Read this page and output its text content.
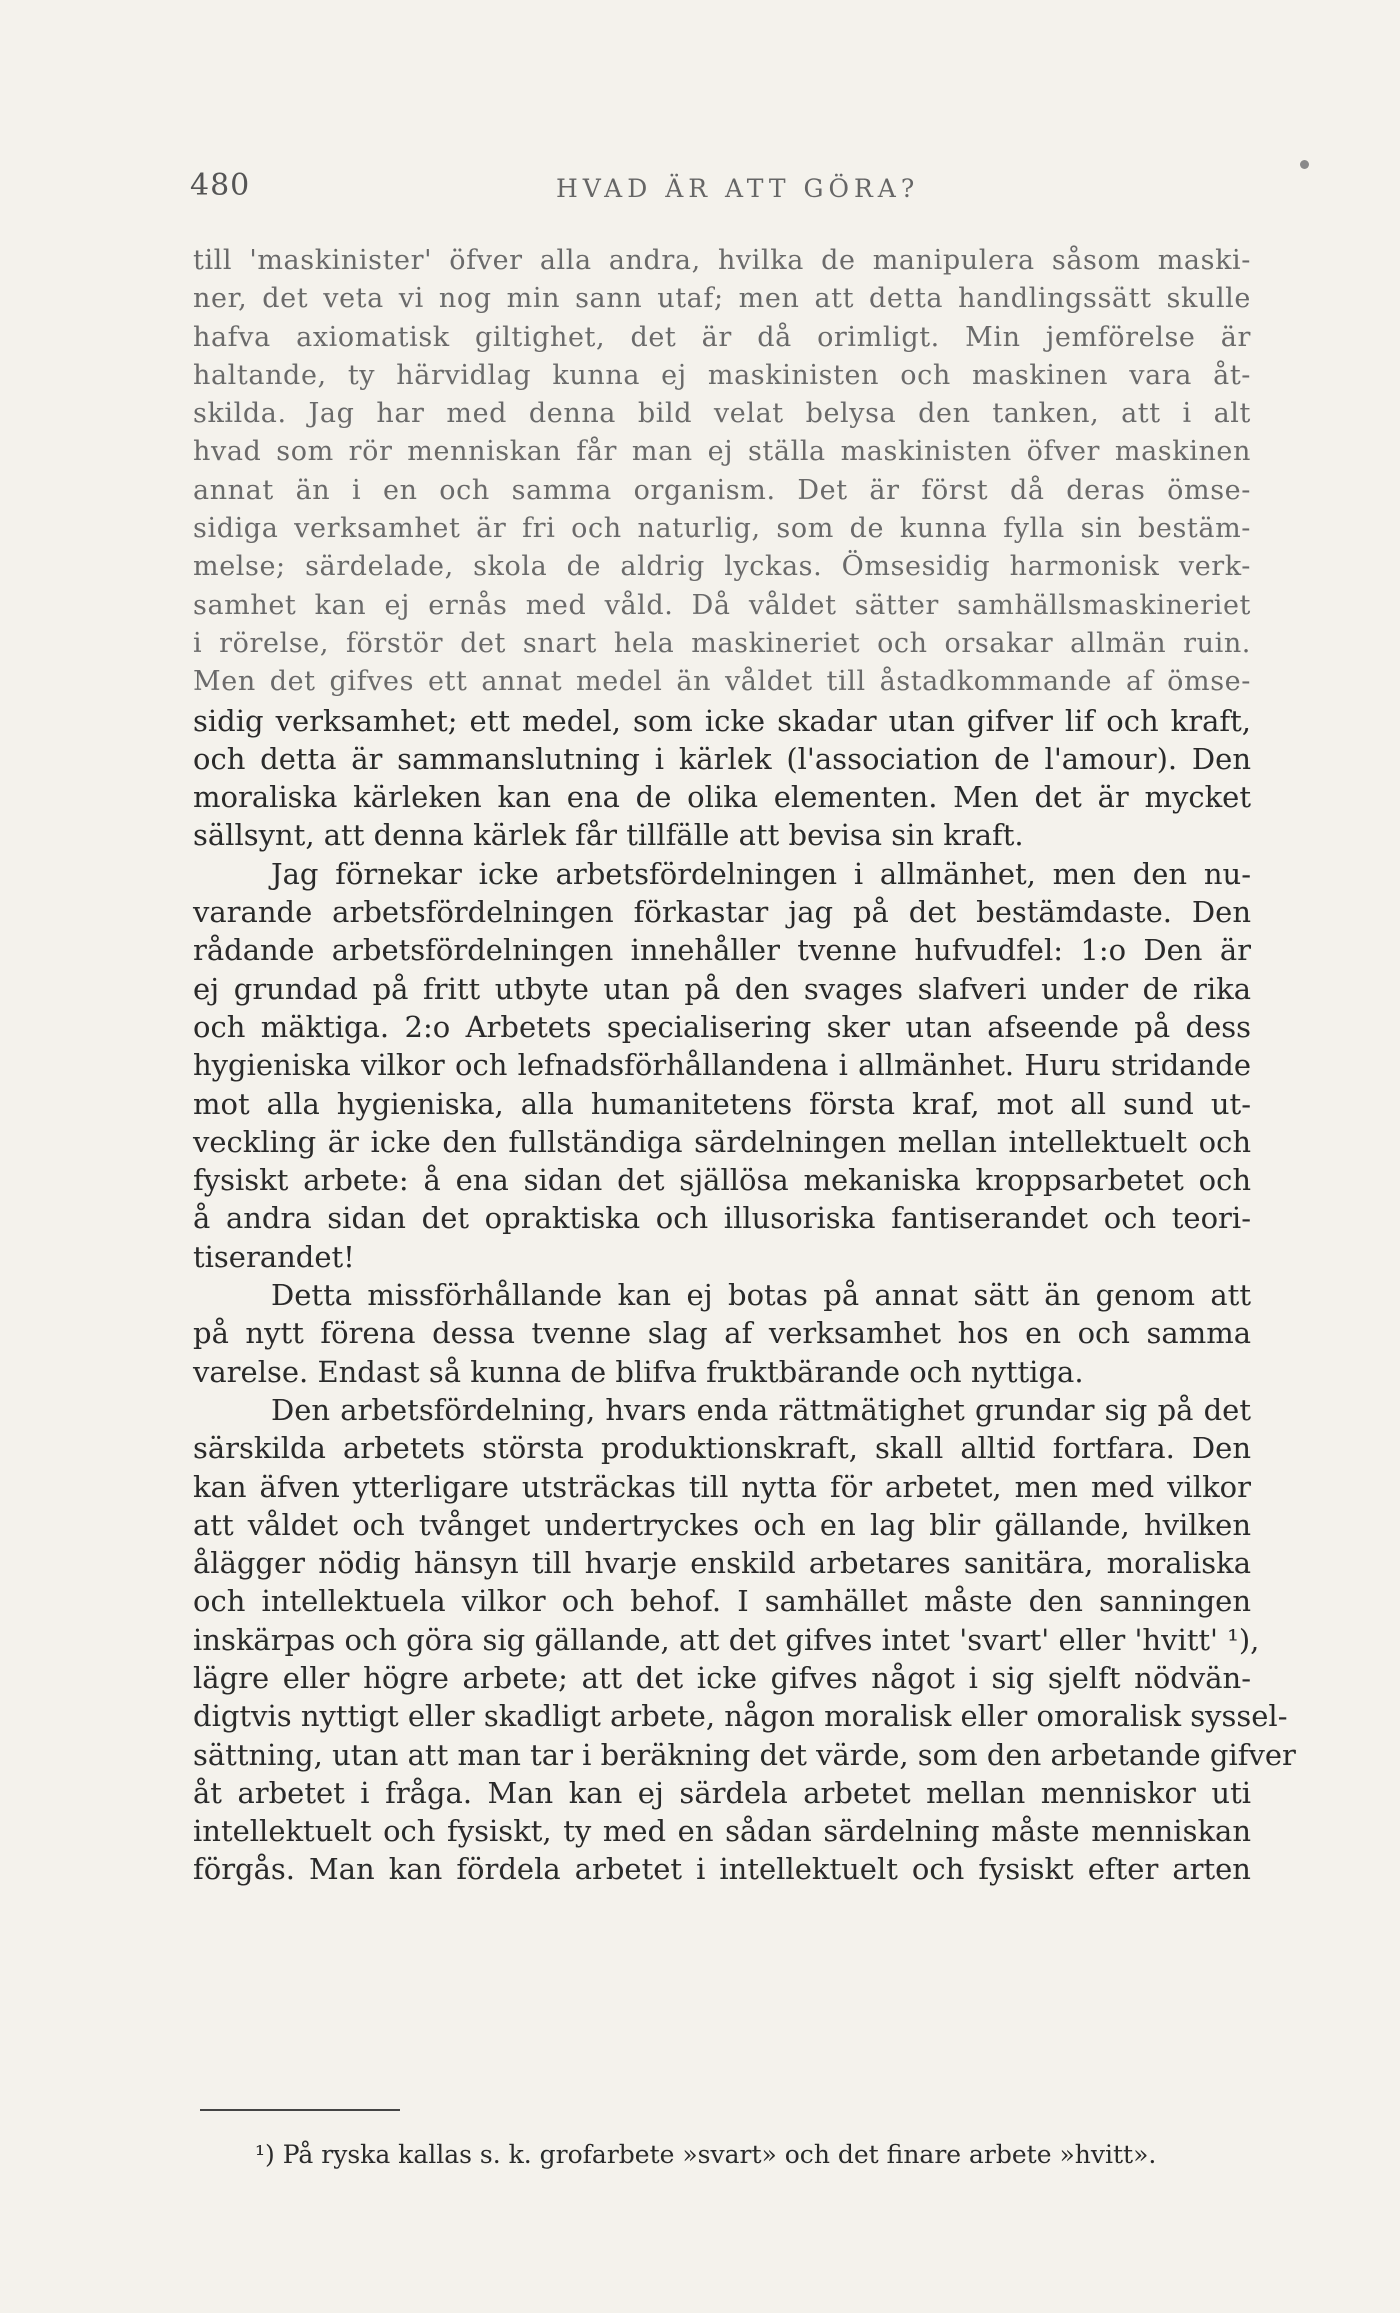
480	HVAD ÄR ATT GÖRA?
till 'maskinister' öfver alla andra, hvilka de manipulera såsom maski-
ner, det veta vi nog min sann utaf; men att detta handlingssätt skulle
hafva axiomatisk giltighet, det är då orimligt. Min jemförelse är
haltande, ty härvidlag kunna ej maskinisten och maskinen vara åt-
skilda. Jag har med denna bild velat belysa den tanken, att i alt
hvad som rör menniskan får man ej ställa maskinisten öfver maskinen
annat än i en och samma organism. Det är först då deras ömse-
sidiga verksamhet är fri och naturlig, som de kunna fylla sin bestäm-
melse; särdelade, skola de aldrig lyckas. Ömsesidig harmonisk verk-
samhet kan ej ernås med våld. Då våldet sätter samhällsmaskineriet
i rörelse, förstör det snart hela maskineriet och orsakar allmän ruin.
Men det gifves ett annat medel än våldet till åstadkommande af ömse-
sidig verksamhet; ett medel, som icke skadar utan gifver lif och kraft,
och detta är sammanslutning i kärlek (l'association de l'amour). Den
moraliska kärleken kan ena de olika elementen. Men det är mycket
sällsynt, att denna kärlek får tillfälle att bevisa sin kraft.
Jag förnekar icke arbetsfördelningen i allmänhet, men den nu-
varande arbetsfördelningen förkastar jag på det bestämdaste. Den
rådande arbetsfördelningen innehåller tvenne hufvudfel: 1:o Den är
ej grundad på fritt utbyte utan på den svages slafveri under de rika
och mäktiga. 2:o Arbetets specialisering sker utan afseende på dess
hygieniska vilkor och lefnadsförhållandena i allmänhet. Huru stridande
mot alla hygieniska, alla humanitetens första kraf, mot all sund ut-
veckling är icke den fullständiga särdelningen mellan intellektuelt och
fysiskt arbete: å ena sidan det själlösa mekaniska kroppsarbetet och
å andra sidan det opraktiska och illusoriska fantiserandet och teori-
tiserandet!
Detta missförhållande kan ej botas på annat sätt än genom att
på nytt förena dessa tvenne slag af verksamhet hos en och samma
varelse. Endast så kunna de blifva fruktbärande och nyttiga.
Den arbetsfördelning, hvars enda rättmätighet grundar sig på det
särskilda arbetets största produktionskraft, skall alltid fortfara. Den
kan äfven ytterligare utsträckas till nytta för arbetet, men med vilkor
att våldet och tvånget undertryckes och en lag blir gällande, hvilken
ålägger nödig hänsyn till hvarje enskild arbetares sanitära, moraliska
och intellektuela vilkor och behof. I samhället måste den sanningen
inskärpas och göra sig gällande, att det gifves intet 'svart' eller 'hvitt' ¹),
lägre eller högre arbete; att det icke gifves något i sig sjelft nödvän-
digtvis nyttigt eller skadligt arbete, någon moralisk eller omoralisk syssel-
sättning, utan att man tar i beräkning det värde, som den arbetande gifver
åt arbetet i fråga. Man kan ej särdela arbetet mellan menniskor uti
intellektuelt och fysiskt, ty med en sådan särdelning måste menniskan
förgås. Man kan fördela arbetet i intellektuelt och fysiskt efter arten
¹) På ryska kallas s. k. grofarbete »svart» och det finare arbete »hvitt».
